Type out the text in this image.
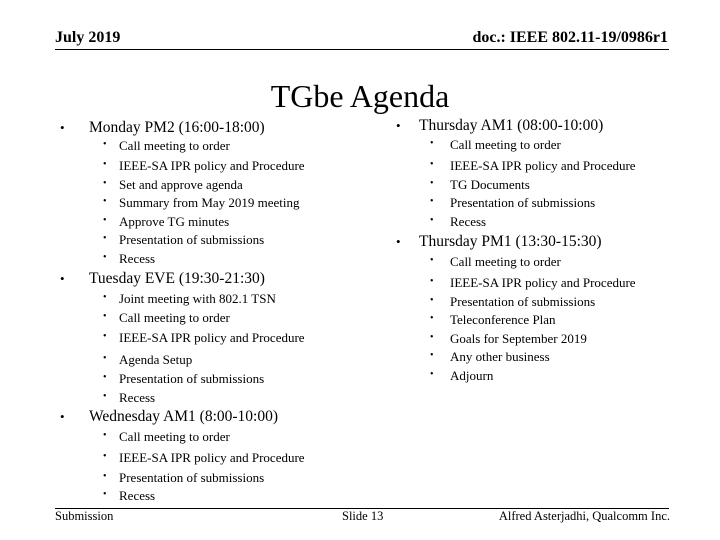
July 2019	doc.: IEEE 802.11-19/0986r1
TGbe Agenda
• Monday PM2 (16:00-18:00)
• Call meeting to order
• IEEE-SA IPR policy and Procedure
• Set and approve agenda
• Summary from May 2019 meeting
• Approve TG minutes
• Presentation of submissions
• Recess
• Tuesday EVE (19:30-21:30)
• Joint meeting with 802.1 TSN
• Call meeting to order
• IEEE-SA IPR policy and Procedure
• Agenda Setup
• Presentation of submissions
• Recess
• Wednesday AM1 (8:00-10:00)
• Call meeting to order
• IEEE-SA IPR policy and Procedure
• Presentation of submissions
• Recess
• Thursday AM1 (08:00-10:00)
• Call meeting to order
• IEEE-SA IPR policy and Procedure
• TG Documents
• Presentation of submissions
• Recess
• Thursday PM1 (13:30-15:30)
• Call meeting to order
• IEEE-SA IPR policy and Procedure
• Presentation of submissions
• Teleconference Plan
• Goals for September 2019
• Any other business
• Adjourn
Submission	Slide 13	Alfred Asterjadhi, Qualcomm Inc.
